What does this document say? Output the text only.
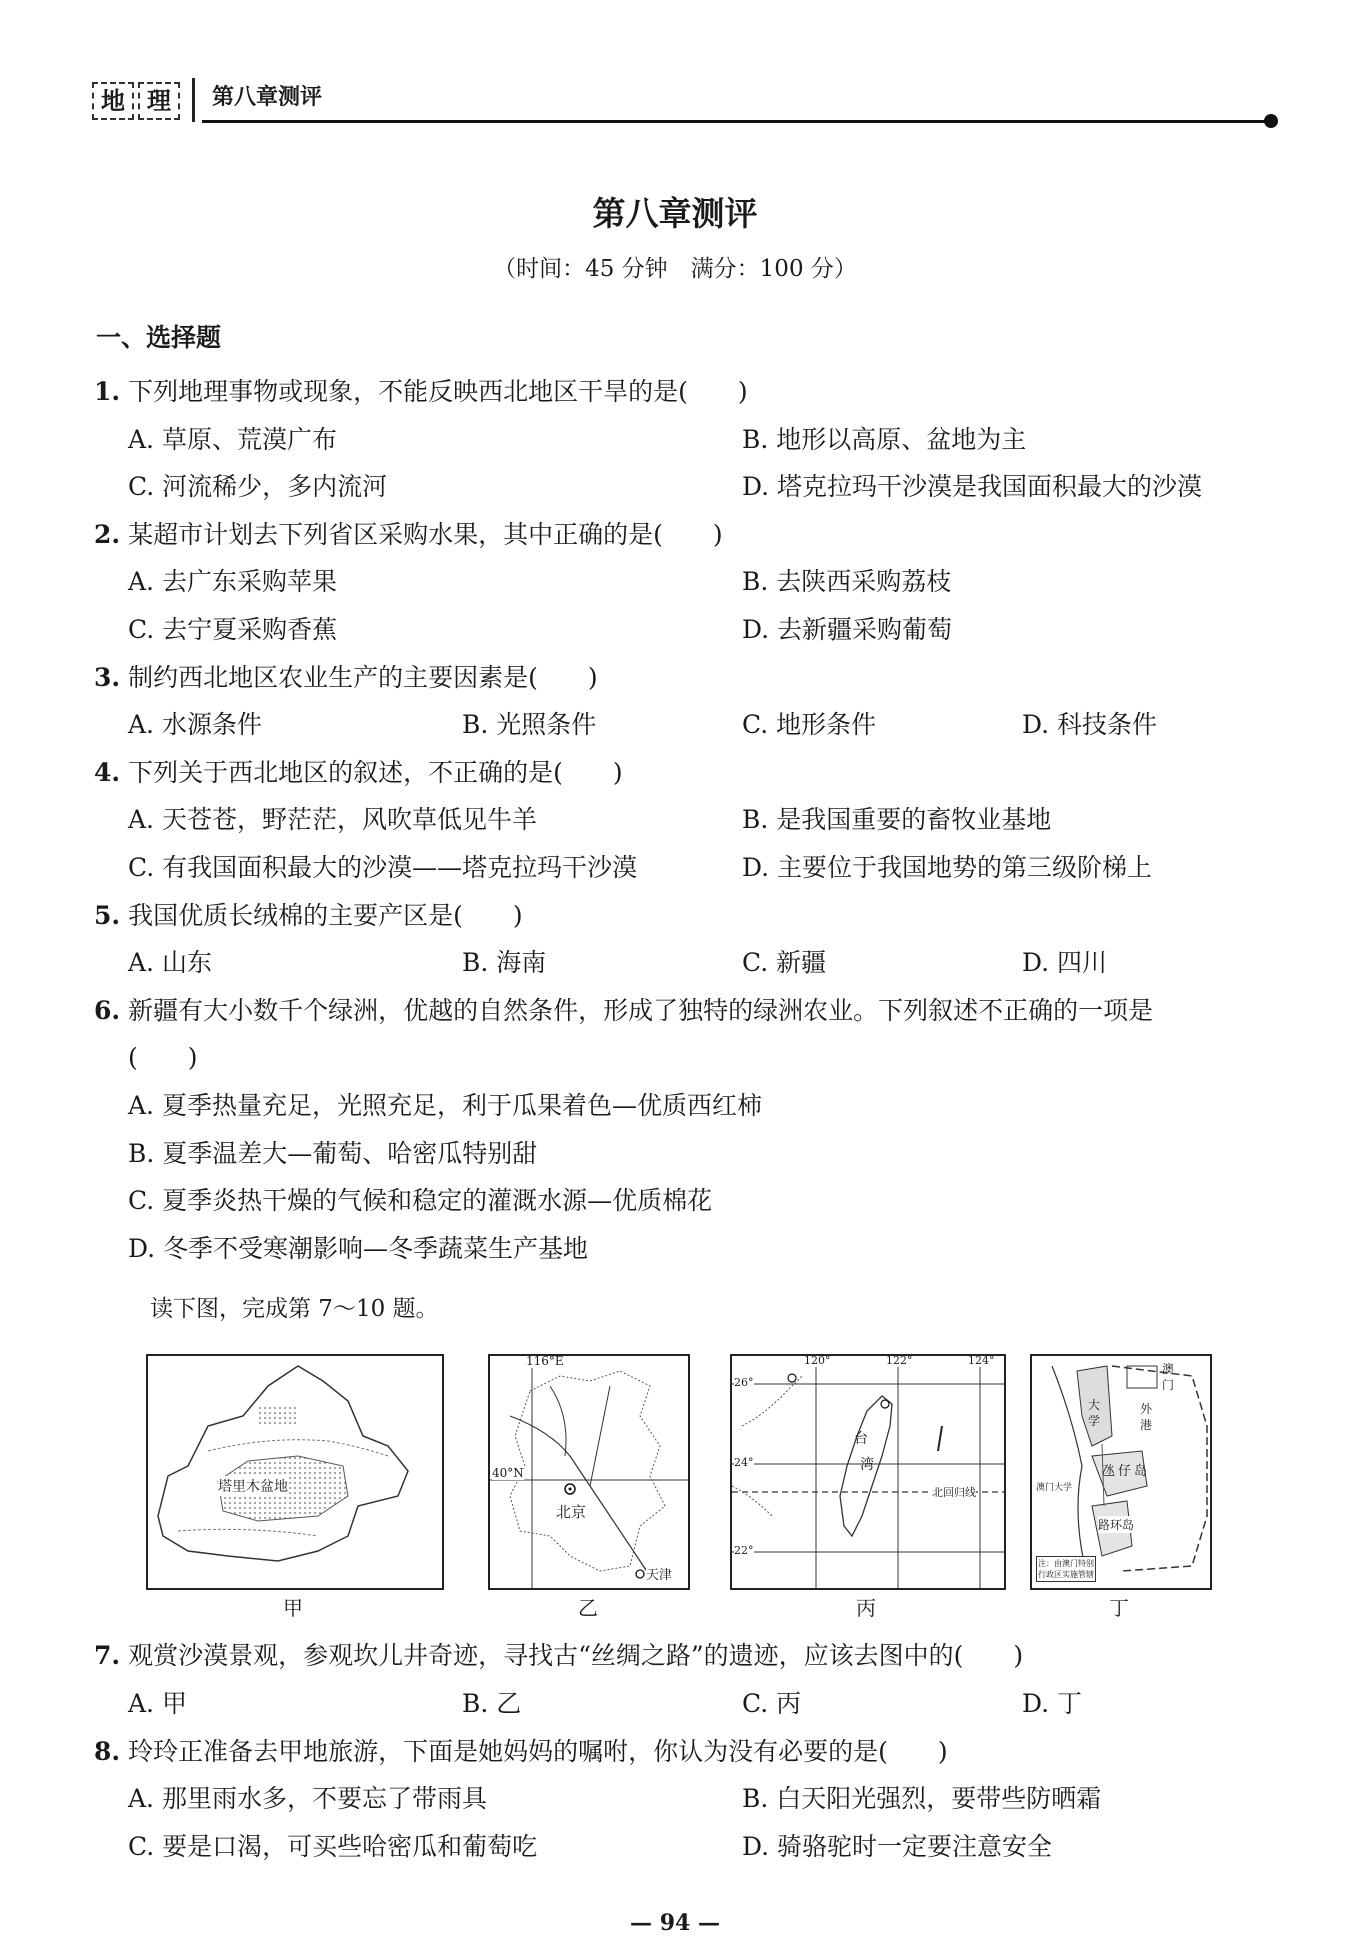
地 理	第八章测评
第八章测评
（时间：45 分钟　满分：100 分）
一、选择题
1. 下列地理事物或现象，不能反映西北地区干旱的是(　　)
A. 草原、荒漠广布	B. 地形以高原、盆地为主
C. 河流稀少，多内流河	D. 塔克拉玛干沙漠是我国面积最大的沙漠
2. 某超市计划去下列省区采购水果，其中正确的是(　　)
A. 去广东采购苹果	B. 去陕西采购荔枝
C. 去宁夏采购香蕉	D. 去新疆采购葡萄
3. 制约西北地区农业生产的主要因素是(　　)
A. 水源条件	B. 光照条件	C. 地形条件	D. 科技条件
4. 下列关于西北地区的叙述，不正确的是(　　)
A. 天苍苍，野茫茫，风吹草低见牛羊	B. 是我国重要的畜牧业基地
C. 有我国面积最大的沙漠——塔克拉玛干沙漠	D. 主要位于我国地势的第三级阶梯上
5. 我国优质长绒棉的主要产区是(　　)
A. 山东	B. 海南	C. 新疆	D. 四川
6. 新疆有大小数千个绿洲，优越的自然条件，形成了独特的绿洲农业。下列叙述不正确的一项是
(　　)
A. 夏季热量充足，光照充足，利于瓜果着色—优质西红柿
B. 夏季温差大—葡萄、哈密瓜特别甜
C. 夏季炎热干燥的气候和稳定的灌溉水源—优质棉花
D. 冬季不受寒潮影响—冬季蔬菜生产基地
读下图，完成第 7～10 题。
塔里木盆地
甲
116°E
40°N
北京
天津
乙
120°	122°	124°
26°
24°
22°
台
湾
北回归线
丙
澳
门
大
学
氹 仔 岛
路环岛
澳门大学
外
港
注：由澳门特别
行政区实施管辖
丁
7. 观赏沙漠景观，参观坎儿井奇迹，寻找古“丝绸之路”的遗迹，应该去图中的(　　)
A. 甲	B. 乙	C. 丙	D. 丁
8. 玲玲正准备去甲地旅游，下面是她妈妈的嘱咐，你认为没有必要的是(　　)
A. 那里雨水多，不要忘了带雨具	B. 白天阳光强烈，要带些防晒霜
C. 要是口渴，可买些哈密瓜和葡萄吃	D. 骑骆驼时一定要注意安全
— 94 —
